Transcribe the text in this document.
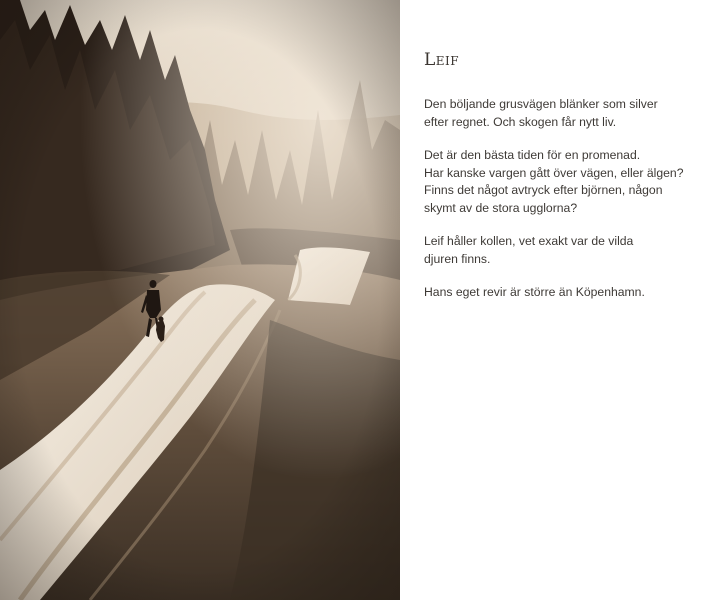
Leif

Den böljande grusvägen blänker som silver
efter regnet. Och skogen får nytt liv.

Det är den bästa tiden för en promenad.
Har kanske vargen gått över vägen, eller älgen?
Finns det något avtryck efter björnen, någon
skymt av de stora ugglorna?

Leif håller kollen, vet exakt var de vilda
djuren finns.

Hans eget revir är större än Köpenhamn.
